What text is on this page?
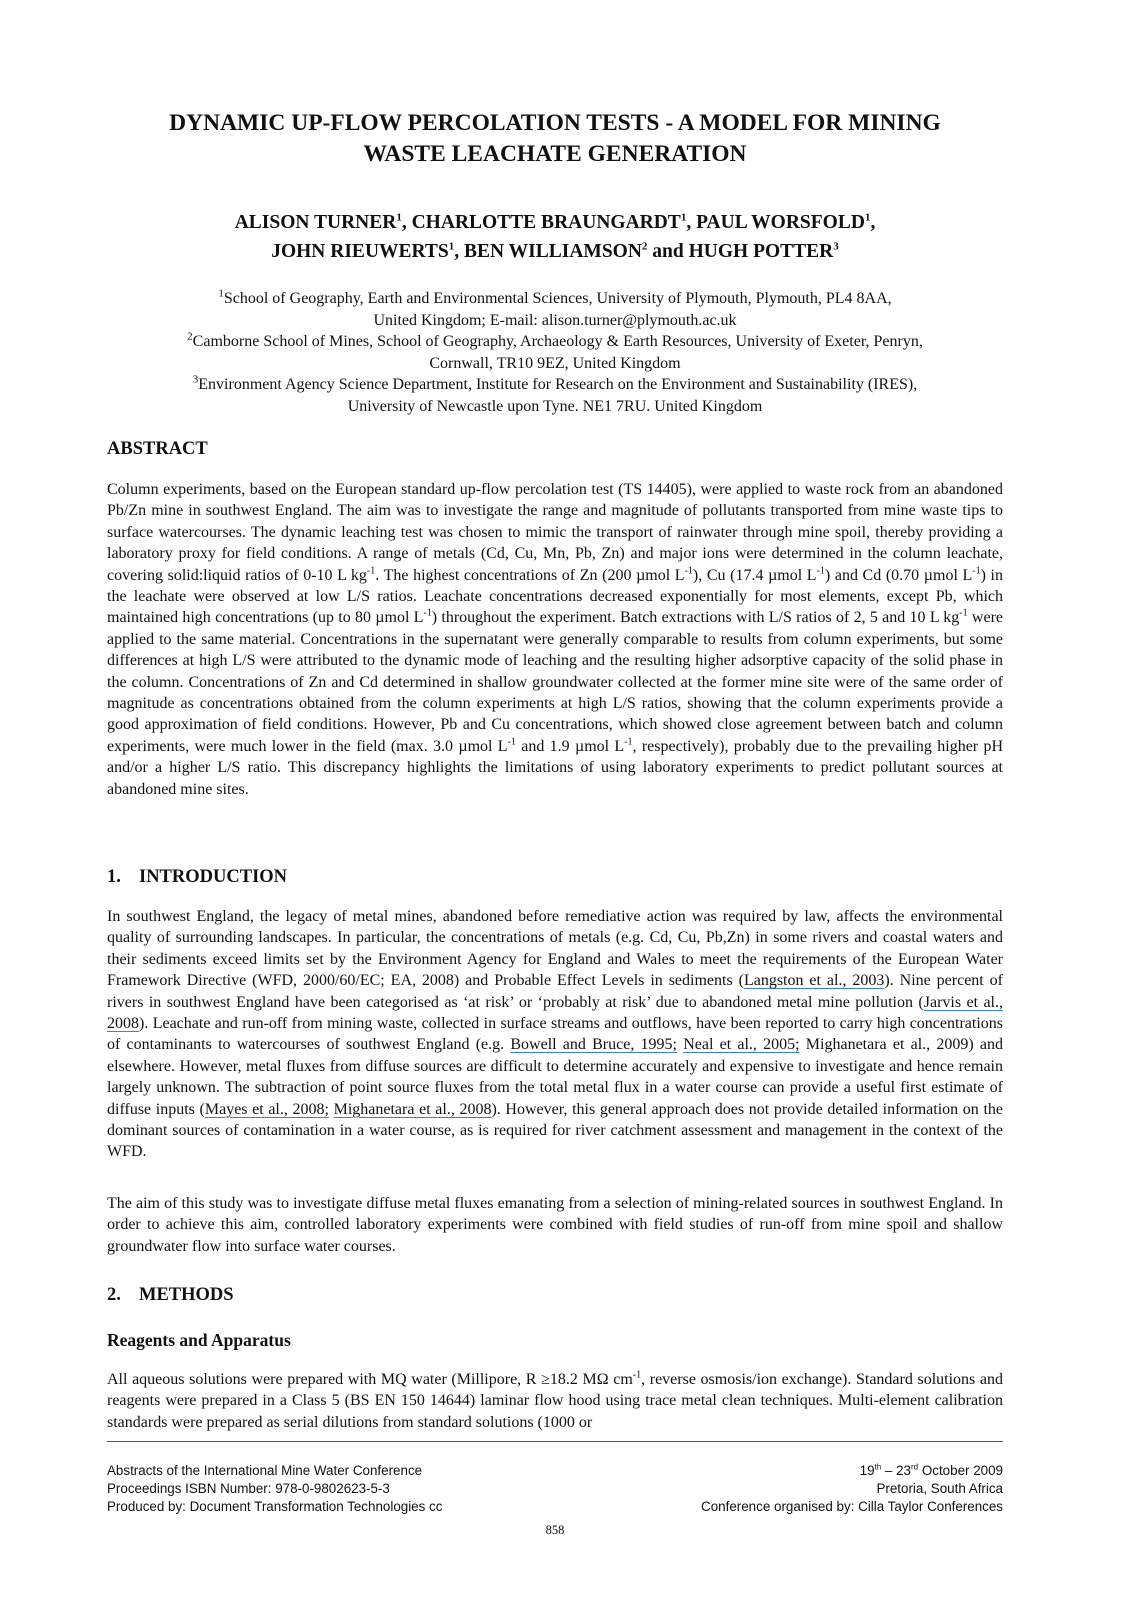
DYNAMIC UP-FLOW PERCOLATION TESTS - A MODEL FOR MINING
WASTE LEACHATE GENERATION
ALISON TURNER$^1$, CHARLOTTE BRAUNGARDT$^1$, PAUL WORSFOLD$^1$,
JOHN RIEUWERTS$^1$, BEN WILLIAMSON$^2$ and HUGH POTTER$^3$
$^1$School of Geography, Earth and Environmental Sciences, University of Plymouth, Plymouth, PL4 8AA,
United Kingdom; E-mail: alison.turner@plymouth.ac.uk
$^2$Camborne School of Mines, School of Geography, Archaeology & Earth Resources, University of Exeter, Penryn,
Cornwall, TR10 9EZ, United Kingdom
$^3$Environment Agency Science Department, Institute for Research on the Environment and Sustainability (IRES),
University of Newcastle upon Tyne. NE1 7RU. United Kingdom
ABSTRACT
Column experiments, based on the European standard up-flow percolation test (TS 14405), were applied to waste rock from an abandoned Pb/Zn mine in southwest England. The aim was to investigate the range and magnitude of pollutants transported from mine waste tips to surface watercourses. The dynamic leaching test was chosen to mimic the transport of rainwater through mine spoil, thereby providing a laboratory proxy for field conditions. A range of metals (Cd, Cu, Mn, Pb, Zn) and major ions were determined in the column leachate, covering solid:liquid ratios of 0-10 L $kg^{-1}$. The highest concentrations of Zn (200 µmol $L^{-1}$), Cu (17.4 µmol $L^{-1}$) and Cd (0.70 µmol $L^{-1}$) in the leachate were observed at low L/S ratios. Leachate concentrations decreased exponentially for most elements, except Pb, which maintained high concentrations (up to 80 µmol $L^{-1}$) throughout the experiment. Batch extractions with L/S ratios of 2, 5 and 10 L $kg^{-1}$ were applied to the same material. Concentrations in the supernatant were generally comparable to results from column experiments, but some differences at high L/S were attributed to the dynamic mode of leaching and the resulting higher adsorptive capacity of the solid phase in the column. Concentrations of Zn and Cd determined in shallow groundwater collected at the former mine site were of the same order of magnitude as concentrations obtained from the column experiments at high L/S ratios, showing that the column experiments provide a good approximation of field conditions. However, Pb and Cu concentrations, which showed close agreement between batch and column experiments, were much lower in the field (max. 3.0 µmol $L^{-1}$ and 1.9 µmol $L^{-1}$, respectively), probably due to the prevailing higher pH and/or a higher L/S ratio. This discrepancy highlights the limitations of using laboratory experiments to predict pollutant sources at abandoned mine sites.
1. INTRODUCTION
In southwest England, the legacy of metal mines, abandoned before remediative action was required by law, affects the environmental quality of surrounding landscapes. In particular, the concentrations of metals (e.g. Cd, Cu, Pb,Zn) in some rivers and coastal waters and their sediments exceed limits set by the Environment Agency for England and Wales to meet the requirements of the European Water Framework Directive (WFD, 2000/60/EC; EA, 2008) and Probable Effect Levels in sediments (Langston et al., 2003). Nine percent of rivers in southwest England have been categorised as ‘at risk’ or ‘probably at risk’ due to abandoned metal mine pollution (Jarvis et al., 2008). Leachate and run-off from mining waste, collected in surface streams and outflows, have been reported to carry high concentrations of contaminants to watercourses of southwest England (e.g. Bowell and Bruce, 1995; Neal et al., 2005; Mighanetara et al., 2009) and elsewhere. However, metal fluxes from diffuse sources are difficult to determine accurately and expensive to investigate and hence remain largely unknown. The subtraction of point source fluxes from the total metal flux in a water course can provide a useful first estimate of diffuse inputs (Mayes et al., 2008; Mighanetara et al., 2008). However, this general approach does not provide detailed information on the dominant sources of contamination in a water course, as is required for river catchment assessment and management in the context of the WFD.
The aim of this study was to investigate diffuse metal fluxes emanating from a selection of mining-related sources in southwest England. In order to achieve this aim, controlled laboratory experiments were combined with field studies of run-off from mine spoil and shallow groundwater flow into surface water courses.
2. METHODS
Reagents and Apparatus
All aqueous solutions were prepared with MQ water (Millipore, R ≥18.2 MΩ $cm^{-1}$, reverse osmosis/ion exchange). Standard solutions and reagents were prepared in a Class 5 (BS EN 150 14644) laminar flow hood using trace metal clean techniques. Multi-element calibration standards were prepared as serial dilutions from standard solutions (1000 or
Abstracts of the International Mine Water Conference
Proceedings ISBN Number: 978-0-9802623-5-3
Produced by: Document Transformation Technologies cc
19th – 23rd October 2009
Pretoria, South Africa
Conference organised by: Cilla Taylor Conferences
858
